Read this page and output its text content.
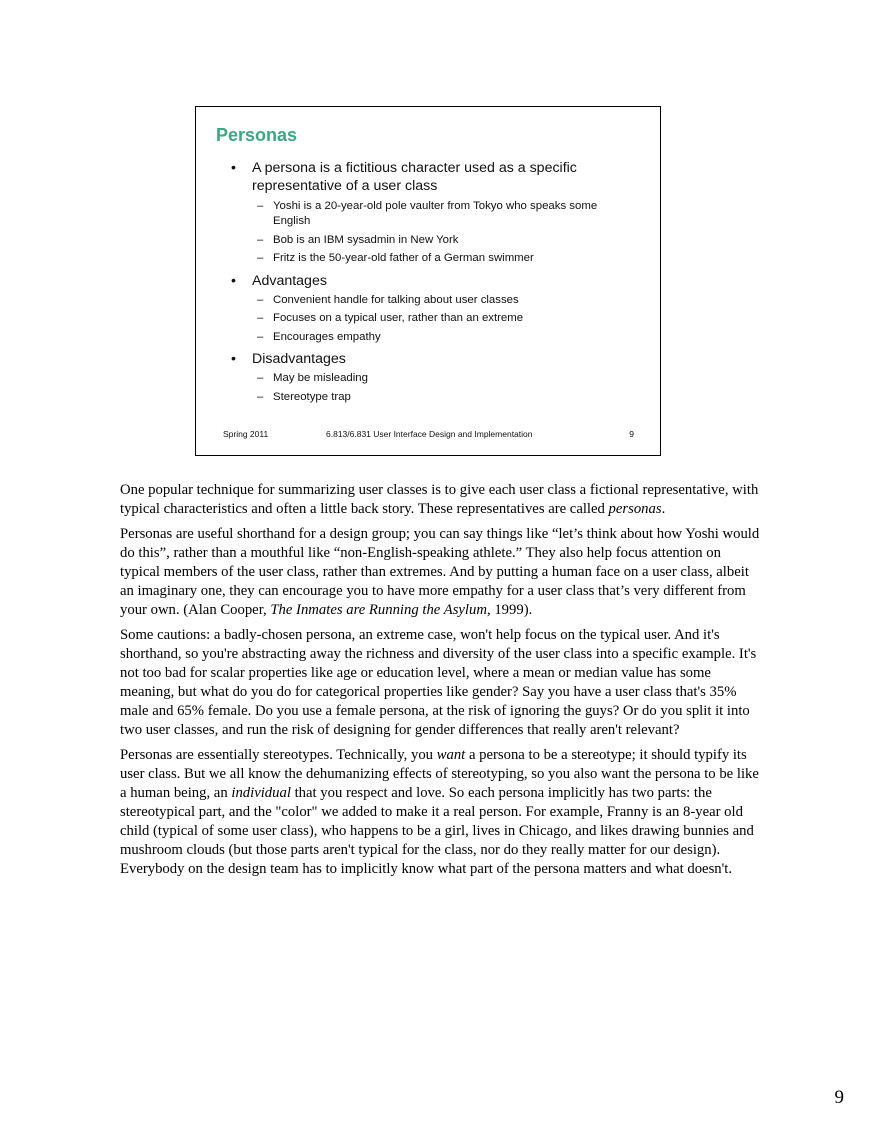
Personas
• A persona is a fictitious character used as a specific representative of a user class
– Yoshi is a 20-year-old pole vaulter from Tokyo who speaks some English
– Bob is an IBM sysadmin in New York
– Fritz is the 50-year-old father of a German swimmer
• Advantages
– Convenient handle for talking about user classes
– Focuses on a typical user, rather than an extreme
– Encourages empathy
• Disadvantages
– May be misleading
– Stereotype trap
Spring 2011	6.813/6.831 User Interface Design and Implementation	9

One popular technique for summarizing user classes is to give each user class a fictional representative, with typical characteristics and often a little back story. These representatives are called personas.

Personas are useful shorthand for a design group; you can say things like “let’s think about how Yoshi would do this”, rather than a mouthful like “non-English-speaking athlete.” They also help focus attention on typical members of the user class, rather than extremes. And by putting a human face on a user class, albeit an imaginary one, they can encourage you to have more empathy for a user class that’s very different from your own. (Alan Cooper, The Inmates are Running the Asylum, 1999).

Some cautions: a badly-chosen persona, an extreme case, won't help focus on the typical user. And it's shorthand, so you're abstracting away the richness and diversity of the user class into a specific example. It's not too bad for scalar properties like age or education level, where a mean or median value has some meaning, but what do you do for categorical properties like gender? Say you have a user class that's 35% male and 65% female. Do you use a female persona, at the risk of ignoring the guys? Or do you split it into two user classes, and run the risk of designing for gender differences that really aren't relevant?

Personas are essentially stereotypes. Technically, you want a persona to be a stereotype; it should typify its user class. But we all know the dehumanizing effects of stereotyping, so you also want the persona to be like a human being, an individual that you respect and love. So each persona implicitly has two parts: the stereotypical part, and the "color" we added to make it a real person. For example, Franny is an 8-year old child (typical of some user class), who happens to be a girl, lives in Chicago, and likes drawing bunnies and mushroom clouds (but those parts aren't typical for the class, nor do they really matter for our design). Everybody on the design team has to implicitly know what part of the persona matters and what doesn't.

9
